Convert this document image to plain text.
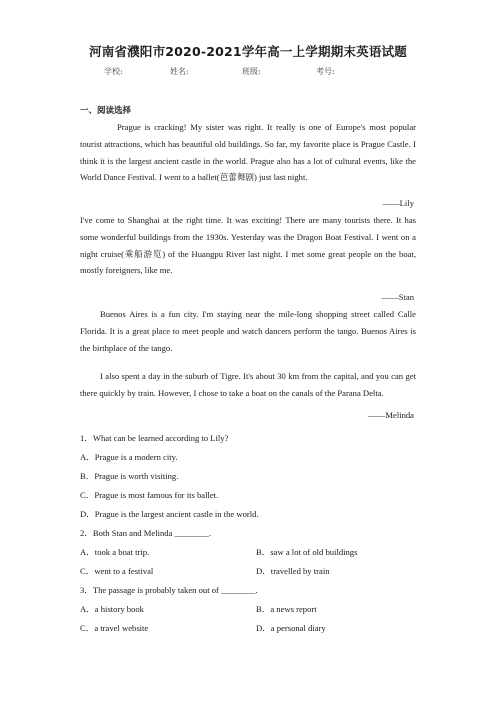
河南省濮阳市2020-2021学年高一上学期期末英语试题
学校:	姓名:	班级:	考号:
一、阅读选择

Prague is cracking! My sister was right. It really is one of Europe's most popular tourist attractions, which has beautiful old buildings. So far, my favorite place is Prague Castle. I think it is the largest ancient castle in the world. Prague also has a lot of cultural events, like the World Dance Festival. I went to a ballet(芭蕾舞剧) just last night.

——Lily

I've come to Shanghai at the right time. It was exciting! There are many tourists there. It has some wonderful buildings from the 1930s. Yesterday was the Dragon Boat Festival. I went on a night cruise(乘船游览) of the Huangpu River last night. I met some great people on the boat, mostly foreigners, like me.

——Stan

Buenos Aires is a fun city. I'm staying near the mile-long shopping street called Calle Florida. It is a great place to meet people and watch dancers perform the tango. Buenos Aires is the birthplace of the tango.

I also spent a day in the suburb of Tigre. It's about 30 km from the capital, and you can get there quickly by train. However, I chose to take a boat on the canals of the Parana Delta.

——Melinda
1．What can be learned according to Lily?
A．Prague is a modern city.
B．Prague is worth visiting.
C．Prague is most famous for its ballet.
D．Prague is the largest ancient castle in the world.
2．Both Stan and Melinda ________.
A．took a boat trip.	B．saw a lot of old buildings
C．went to a festival	D．travelled by train
3．The passage is probably taken out of ________.
A．a history book	B．a news report
C．a travel website	D．a personal diary
